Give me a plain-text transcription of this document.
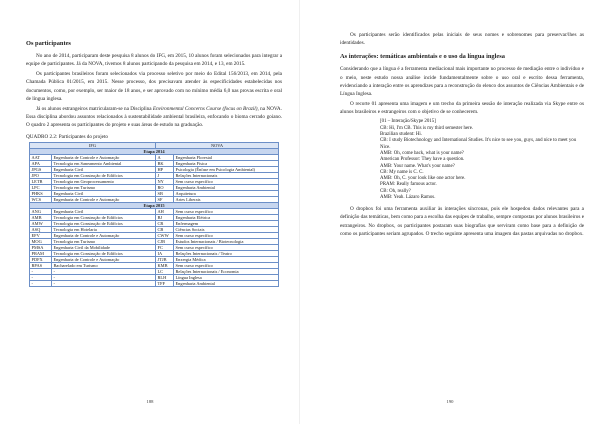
Os participantes

No ano de 2014, participaram deste pesquisa 8 alunos do IFG, em 2015, 10 alunos foram selecionados para integrar a equipe de participantes. Já da NOVA, tivemos 8 alunos participando da pesquisa em 2014, e 13, em 2015.

Os participantes brasileiros foram selecionados via processo seletivo por meio do Edital 156/2013, em 2014, pela Chamada Pública 01/2015, em 2015. Nesse processo, dos precisavam atender às especificidades estabelecidas nos documentos, como, por exemplo, ser maior de 18 anos, e ser aprovado com no mínimo média 6,0 nas provas escrita e oral de língua inglesa.

Já os alunos estrangeiros matricularam-se na Disciplina Environmental Concerns Course (focus on Brazil), na NOVA. Essa disciplina abordou assuntos relacionados à sustentabilidade ambiental brasileira, enfocando o bioma cerrado goiano. O quadro 2 apresenta os participantes do projeto e suas áreas de estudo na graduação.

QUADRO 2.2: Participantes do projeto
IFG		NOVA	
Etapa 2014			
AAT	Engenharia de Controle e Automação	A	Engenharia Florestal
APA	Tecnologia em Saneamento Ambiental	BK	Engenharia Física
JPGS	Engenharia Civil	HP	Psicologia (Ênfase em Psicologia Ambiental)
JPO	Tecnologia em Construção de Edifícios	J	Relações Internacionais
LETB	Tecnologia em Geoprocessamento	NY	Sem curso específico
LPC	Tecnologia em Turismo	RO	Engenharia Ambiental
PHKS	Engenharia Civil	SB	Arquitetura
WCS	Engenharia de Controle e Automação	SF	Artes Liberais
Etapa 2015			
ANG	Engenharia Civil	AH	Sem curso específico
AMB	Tecnologia em Construção de Edifícios	BJ	Engenharia Elétrica
AMW	Tecnologia em Construção de Edifícios	CR	Enfermagem
ASQ	Tecnologia em Hotelaria	CB	Ciências Sociais
EFV	Engenharia de Controle e Automação	CWW	Sem curso específico
MOG	Tecnologia em Turismo	CJB	Estudos Internacionais / Biotecnologia
PMSA	Engenharia Civil da Mobilidade	FC	Sem curso específico
PRAM	Tecnologia em Construção de Edifícios	IA	Relações Internacionais / Teatro
PDFX	Engenharia de Controle e Automação	JTJB	Enxergia Médica
RPAS	Bacharelado em Turismo	KMB	Sem curso específico
-	-	LC	Relações Internacionais / Economia
-	-	RLH	Língua Inglesa
-	-	TFF	Engenharia Ambiental
188

Os participantes serão identificados pelas iniciais de seus nomes e sobrenomes para preservar/lhes as identidades.

As interações: temáticas ambientais e o uso da língua inglesa

Considerando que a língua é a ferramenta mediacional mais importante no processo de mediação entre o indivíduo e o meio, neste estudo nossa análise incide fundamentalmente sobre o uso oral e escrito dessa ferramenta, evidenciando a interação entre os aprendizes para a reconstrução do elenco dos assuntos de Ciências Ambientais e de Língua Inglesa.

O recorte 01 apresenta uma imagem e um trecho da primeira sessão de interação realizada via Skype entre os alunos brasileiros e estrangeiros com o objetivo de se conhecerem.

[01 – Interação/Skype 2015]
CB: Hi, I'm CB. This is my third semester here.
Brazilian student: Hi.
CB: I study Biotechnology and International Studies. It's nice to see you, guys, and nice to meet you Nice.
AMB: Oh, come back, what is your name?
American Professor: They have a question.
AMB: Your name. What's your name?
CB: My name is C. C.
AMB: Oh, C. your look like one actor here.
PRAM: Really famous actor.
CB: Oh, really?
AMB: Yeah. Lázaro Ramos.

O dropbox foi uma ferramenta auxiliar às interações síncronas, pois ele hospedou dados relevantes para a definição das temáticas, bem como para a escolha das equipes de trabalho, sempre compostas por alunos brasileiros e estrangeiros. No dropbox, os participantes postaram suas biografias que serviram como base para a definição de como os participantes seriam agrupados. O trecho seguinte apresenta uma imagem das pastas arquivadas no dropbox.

190
